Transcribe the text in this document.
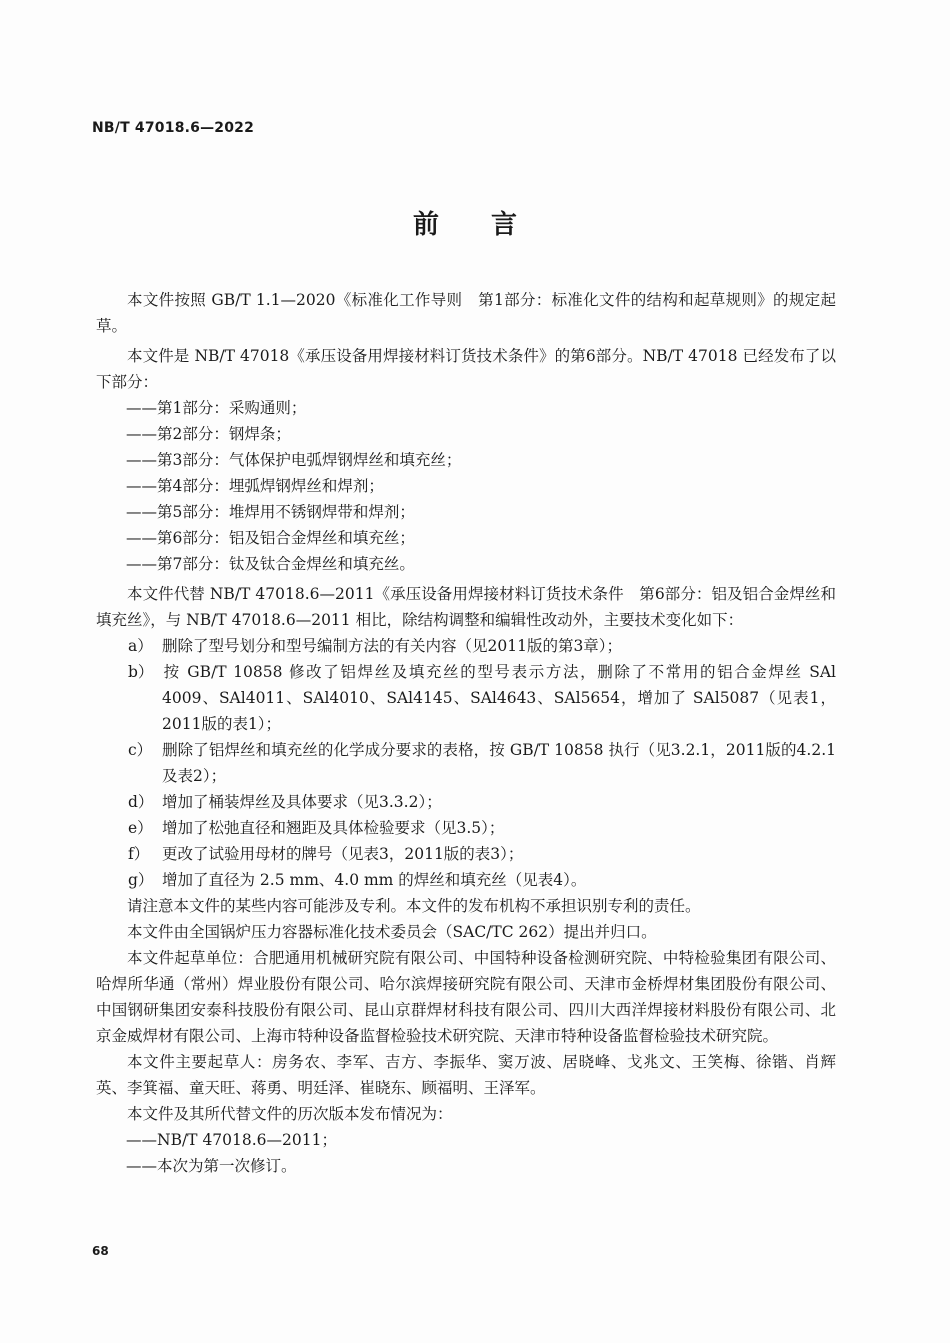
NB/T 47018.6—2022
前言

本文件按照 GB/T 1.1—2020《标准化工作导则　第1部分：标准化文件的结构和起草规则》的规定起草。

本文件是 NB/T 47018《承压设备用焊接材料订货技术条件》的第6部分。NB/T 47018 已经发布了以下部分：

——第1部分：采购通则；

——第2部分：钢焊条；

——第3部分：气体保护电弧焊钢焊丝和填充丝；

——第4部分：埋弧焊钢焊丝和焊剂；

——第5部分：堆焊用不锈钢焊带和焊剂；

——第6部分：铝及铝合金焊丝和填充丝；

——第7部分：钛及钛合金焊丝和填充丝。

本文件代替 NB/T 47018.6—2011《承压设备用焊接材料订货技术条件　第6部分：铝及铝合金焊丝和填充丝》，与 NB/T 47018.6—2011 相比，除结构调整和编辑性改动外，主要技术变化如下：

a） 删除了型号划分和型号编制方法的有关内容（见2011版的第3章）；

b） 按 GB/T 10858 修改了铝焊丝及填充丝的型号表示方法，删除了不常用的铝合金焊丝 SAl 4009、SAl4011、SAl4010、SAl4145、SAl4643、SAl5654，增加了 SAl5087（见表1，2011版的表1）；

c） 删除了铝焊丝和填充丝的化学成分要求的表格，按 GB/T 10858 执行（见3.2.1，2011版的4.2.1及表2）；

d） 增加了桶装焊丝及具体要求（见3.3.2）；

e） 增加了松弛直径和翘距及具体检验要求（见3.5）；

f） 更改了试验用母材的牌号（见表3，2011版的表3）；

g） 增加了直径为 2.5 mm、4.0 mm 的焊丝和填充丝（见表4）。

请注意本文件的某些内容可能涉及专利。本文件的发布机构不承担识别专利的责任。

本文件由全国锅炉压力容器标准化技术委员会（SAC/TC 262）提出并归口。

本文件起草单位：合肥通用机械研究院有限公司、中国特种设备检测研究院、中特检验集团有限公司、哈焊所华通（常州）焊业股份有限公司、哈尔滨焊接研究院有限公司、天津市金桥焊材集团股份有限公司、中国钢研集团安泰科技股份有限公司、昆山京群焊材科技有限公司、四川大西洋焊接材料股份有限公司、北京金威焊材有限公司、上海市特种设备监督检验技术研究院、天津市特种设备监督检验技术研究院。

本文件主要起草人：房务农、李军、吉方、李振华、窦万波、居晓峰、戈兆文、王笑梅、徐锴、肖辉英、李箕福、童天旺、蒋勇、明廷泽、崔晓东、顾福明、王泽军。

本文件及其所代替文件的历次版本发布情况为：

——NB/T 47018.6—2011；

——本次为第一次修订。

68
